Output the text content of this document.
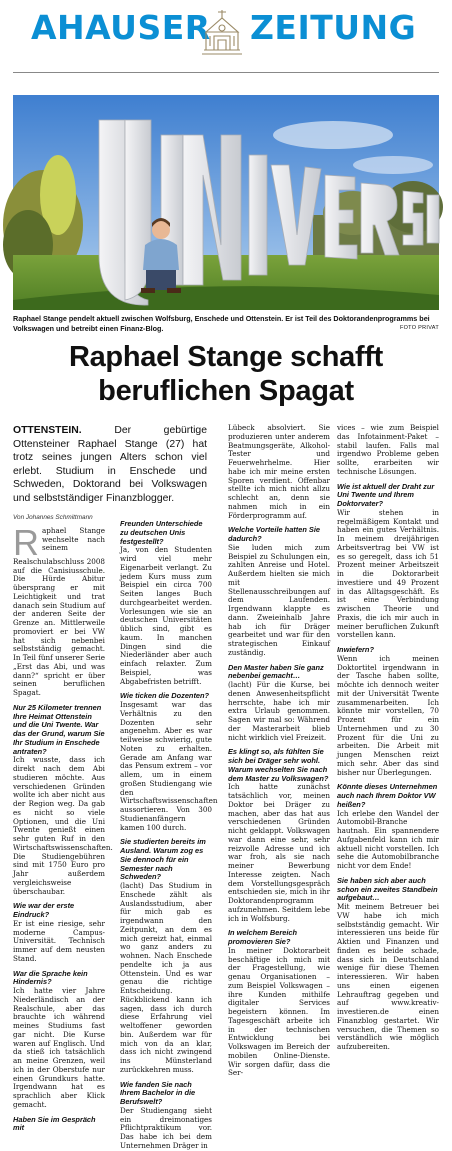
AHAUSER ZEITUNG
Raphael Stange pendelt aktuell zwischen Wolfsburg, Enschede und Ottenstein. Er ist Teil des Doktorandenprogramms bei Volkswagen und betreibt einen Finanz-Blog.	FOTO PRIVAT
Raphael Stange schafft beruflichen Spagat
OTTENSTEIN.	Der gebürtige Ottensteiner Raphael Stange (27) hat trotz seines jungen Alters schon viel erlebt. Studium in Enschede und Schweden, Doktorand bei Volkswagen und selbstständiger Finanzblogger.
Von Johannes Schmittmann
R aphael Stange wechselte nach seinem Realschulabschluss 2008 auf die Canisiusschule. Die Hürde Abitur übersprang er mit Leichtigkeit und trat danach sein Studium auf der anderen Seite der Grenze an. Mittlerweile promoviert er bei VW hat sich nebenbei selbstständig gemacht. In Teil fünf unserer Serie „Erst das Abi, und was dann?“ spricht er über seinen beruflichen Spagat.

Nur 25 Kilometer trennen Ihre Heimat Ottenstein und die Uni Twente. War das der Grund, warum Sie Ihr Studium in Enschede antraten?

Ich wusste, dass ich direkt nach dem Abi studieren möchte. Aus verschiedenen Gründen wollte ich aber nicht aus der Region weg. Da gab es nicht so viele Optionen, und die Uni Twente genießt einen sehr guten Ruf in den Wirtschaftswissenschaften. Die Studiengebühren sind mit 1750 Euro pro Jahr außerdem vergleichsweise überschaubar.

Wie war der erste Eindruck?

Er ist eine riesige, sehr moderne Campus-Universität. Technisch immer auf dem neusten Stand.

War die Sprache kein Hindernis?

Ich hatte vier Jahre Niederländisch an der Realschule, aber das brauchte ich während meines Studiums fast gar nicht. Die Kurse waren auf Englisch. Und da stieß ich tatsächlich an meine Grenzen, weil ich in der Oberstufe nur einen Grundkurs hatte. Irgendwann hat es sprachlich aber Klick gemacht.

Haben Sie im Gespräch mit

Freunden Unterschiede zu deutschen Unis festgestellt?

Ja, von den Studenten wird viel mehr Eigenarbeit verlangt. Zu jedem Kurs muss zum Beispiel ein circa 700 Seiten langes Buch durchgearbeitet werden. Vorlesungen wie sie an deutschen Universitäten üblich sind, gibt es kaum. In manchen Dingen sind die Niederländer aber auch einfach relaxter. Zum Beispiel, was Abgabefristen betrifft.

Wie ticken die Dozenten?

Insgesamt war das Verhältnis zu den Dozenten sehr angenehm. Aber es war teilweise schwierig, gute Noten zu erhalten. Gerade am Anfang war das Pensum extrem – vor allem, um in einem großen Studiengang wie den Wirtschaftswissenschaften aussortieren. Von 300 Studienanfängern kamen 100 durch.

Sie studierten bereits im Ausland. Warum zog es Sie dennoch für ein Semester nach Schweden?

(lacht) Das Studium in Enschede zählt als Auslandsstudium, aber für mich gab es irgendwann den Zeitpunkt, an dem es mich gereizt hat, einmal wo ganz anders zu wohnen. Nach Enschede pendelte ich ja aus Ottenstein. Und es war genau die richtige Entscheidung. Rückblickend kann ich sagen, dass ich durch diese Erfahrung viel weltoffener geworden bin. Außerdem war für mich von da an klar, dass ich nicht zwingend ins Münsterland zurückkehren muss.

Wie fanden Sie nach Ihrem Bachelor in die Berufswelt?

Der Studiengang sieht ein dreimonatiges Pflichtpraktikum vor. Das habe ich bei dem Unternehmen Dräger in

Lübeck absolviert. Sie produzieren unter anderem Beatmungsgeräte, Alkohol-Tester und Feuerwehrhelme. Hier habe ich mir meine ersten Sporen verdient. Offenbar stellte ich mich nicht allzu schlecht an, denn sie nahmen mich in ein Förderprogramm auf.

Welche Vorteile hatten Sie dadurch?

Sie luden mich zum Beispiel zu Schulungen ein, zahlten Anreise und Hotel. Außerdem hielten sie mich mit Stellenausschreibungen auf dem Laufenden. Irgendwann klappte es dann. Zweieinhalb Jahre hab ich für Dräger gearbeitet und war für den strategischen Einkauf zuständig.

Den Master haben Sie ganz nebenbei gemacht…

(lacht) Für die Kurse, bei denen Anwesenheitspflicht herrschte, habe ich mir extra Urlaub genommen. Sagen wir mal so: Während der Masterarbeit blieb nicht wirklich viel Freizeit.

Es klingt so, als fühlten Sie sich bei Dräger sehr wohl. Warum wechselten Sie nach dem Master zu Volkswagen?

Ich hatte zunächst tatsächlich vor, meinen Doktor bei Dräger zu machen, aber das hat aus verschiedenen Gründen nicht geklappt. Volkswagen war dann eine sehr, sehr reizvolle Adresse und ich war froh, als sie nach meiner Bewerbung Interesse zeigten. Nach dem Vorstellungsgespräch entschieden sie, mich in ihr Doktorandenprogramm aufzunehmen. Seitdem lebe ich in Wolfsburg.

In welchem Bereich promovieren Sie?

In meiner Doktorarbeit beschäftige ich mich mit der Fragestellung, wie genau Organisationen – zum Beispiel Volkswagen – ihre Kunden mithilfe digitaler Services begeistern können. Im Tagesgeschäft arbeite ich in der technischen Entwicklung bei Volkswagen im Bereich der mobilen Online-Dienste. Wir sorgen dafür, dass die Ser-

vices – wie zum Beispiel das Infotainment-Paket – stabil laufen. Falls mal irgendwo Probleme geben sollte, erarbeiten wir technische Lösungen.

Wie ist aktuell der Draht zur Uni Twente und Ihrem Doktorvater?

Wir stehen in regelmäßigem Kontakt und haben ein gutes Verhältnis. In meinem dreijährigen Arbeitsvertrag bei VW ist es so geregelt, dass ich 51 Prozent meiner Arbeitszeit in die Doktorarbeit investiere und 49 Prozent in das Alltagsgeschäft. Es ist eine Verbindung zwischen Theorie und Praxis, die ich mir auch in meiner beruflichen Zukunft vorstellen kann.

Inwiefern?

Wenn ich meinen Doktortitel irgendwann in der Tasche haben sollte, möchte ich dennoch weiter mit der Universität Twente zusammenarbeiten. Ich könnte mir vorstellen, 70 Prozent für ein Unternehmen und zu 30 Prozent für die Uni zu arbeiten. Die Arbeit mit jungen Menschen reizt mich sehr. Aber das sind bisher nur Überlegungen.

Könnte dieses Unternehmen auch nach Ihrem Doktor VW heißen?

Ich erlebe den Wandel der Automobil-Branche hautnah. Ein spannendere Aufgabenfeld kann ich mir aktuell nicht vorstellen. Ich sehe die Automobilbranche nicht vor dem Ende!

Sie haben sich aber auch schon ein zweites Standbein aufgebaut…

Mit meinem Betreuer bei VW habe ich mich selbstständig gemacht. Wir interessieren uns beide für Aktien und Finanzen und finden es beide schade, dass sich in Deutschland wenige für diese Themen interessieren. Wir haben uns einen eigenen Lehrauftrag gegeben und auf www.kreativ-investieren.de einen Finanzblog gestartet. Wir versuchen, die Themen so verständlich wie möglich aufzubereiten.
